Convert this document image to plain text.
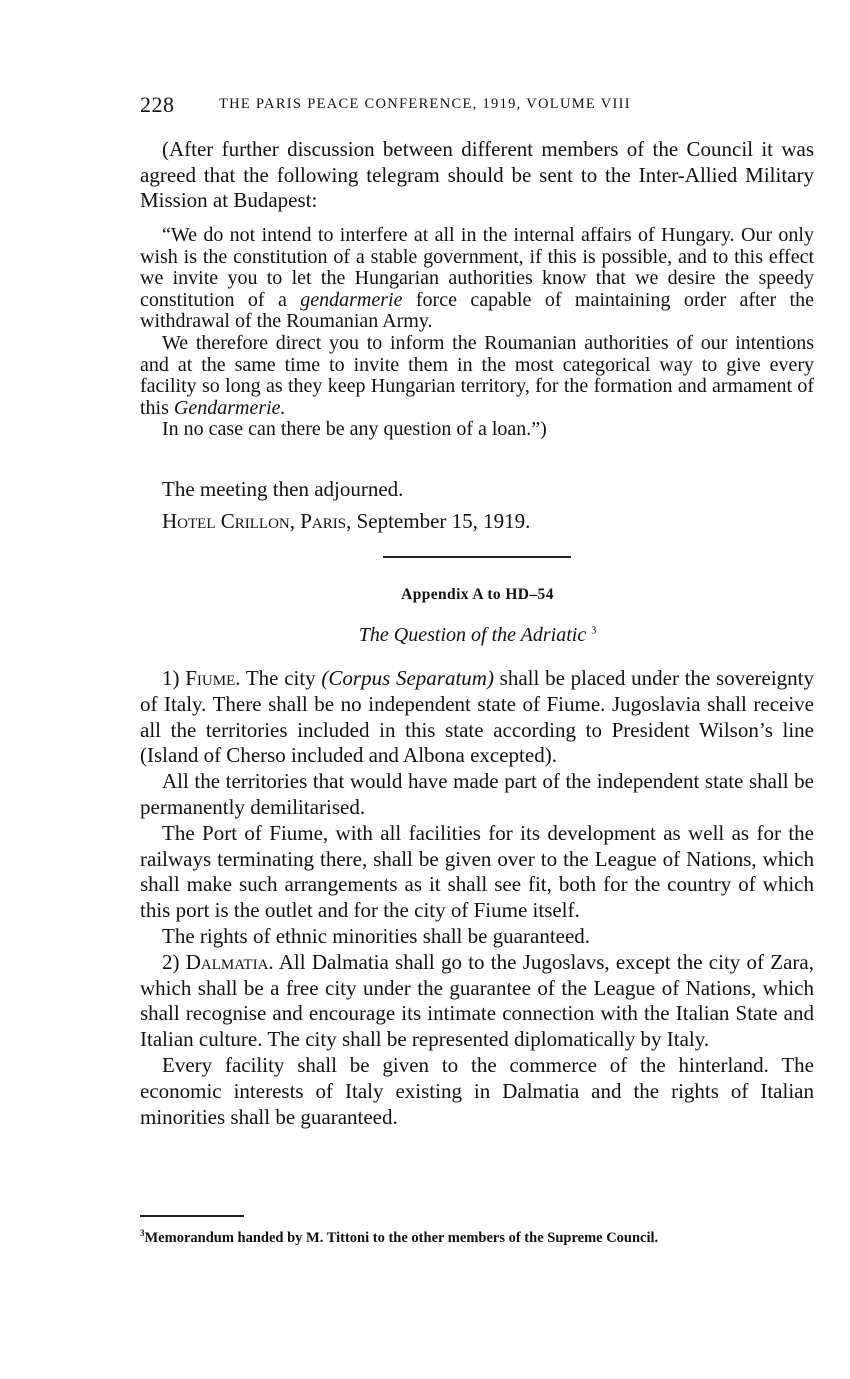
228	THE PARIS PEACE CONFERENCE, 1919, VOLUME VIII

(After further discussion between different members of the Council it was agreed that the following telegram should be sent to the Inter-Allied Military Mission at Budapest:

“We do not intend to interfere at all in the internal affairs of Hungary. Our only wish is the constitution of a stable government, if this is possible, and to this effect we invite you to let the Hungarian authorities know that we desire the speedy constitution of a gendarmerie force capable of maintaining order after the withdrawal of the Roumanian Army.

We therefore direct you to inform the Roumanian authorities of our intentions and at the same time to invite them in the most categorical way to give every facility so long as they keep Hungarian territory, for the formation and armament of this Gendarmerie.

In no case can there be any question of a loan.”)

The meeting then adjourned.

Hotel Crillon, Paris, September 15, 1919.

Appendix A to HD–54
The Question of the Adriatic $^3$

1) Fiume. The city (Corpus Separatum) shall be placed under the sovereignty of Italy. There shall be no independent state of Fiume. Jugoslavia shall receive all the territories included in this state according to President Wilson’s line (Island of Cherso included and Albona excepted).

All the territories that would have made part of the independent state shall be permanently demilitarised.

The Port of Fiume, with all facilities for its development as well as for the railways terminating there, shall be given over to the League of Nations, which shall make such arrangements as it shall see fit, both for the country of which this port is the outlet and for the city of Fiume itself.

The rights of ethnic minorities shall be guaranteed.

2) Dalmatia. All Dalmatia shall go to the Jugoslavs, except the city of Zara, which shall be a free city under the guarantee of the League of Nations, which shall recognise and encourage its intimate connection with the Italian State and Italian culture. The city shall be represented diplomatically by Italy.

Every facility shall be given to the commerce of the hinterland. The economic interests of Italy existing in Dalmatia and the rights of Italian minorities shall be guaranteed.

$^3$Memorandum handed by M. Tittoni to the other members of the Supreme Council.
